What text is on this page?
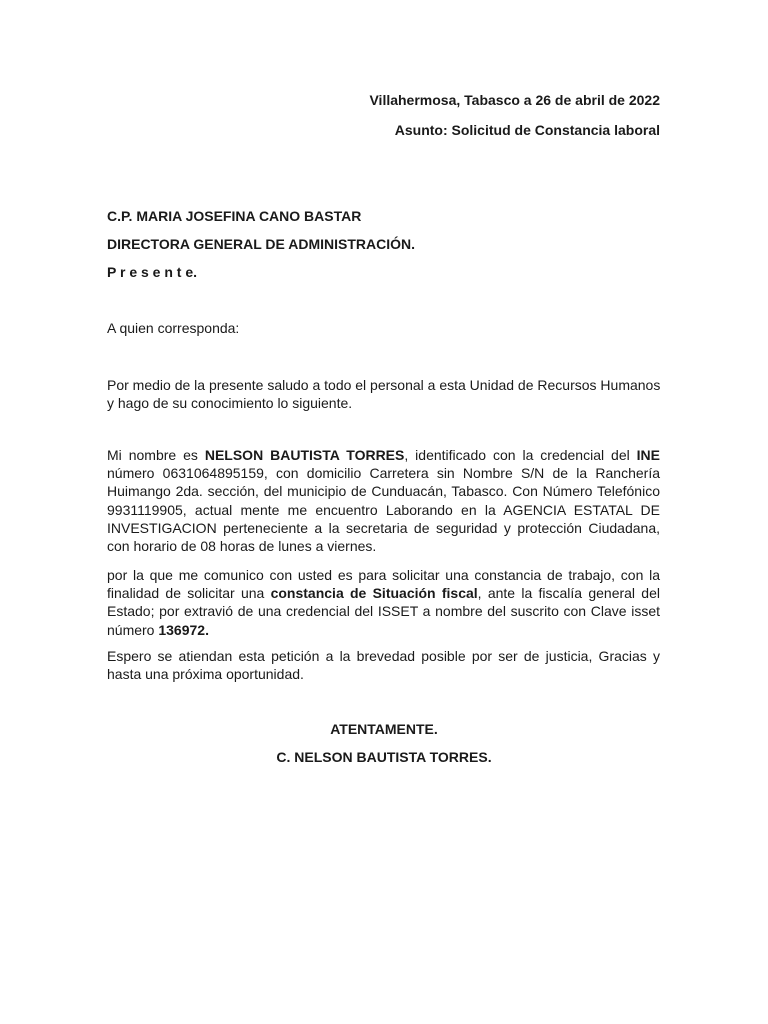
Villahermosa, Tabasco a 26 de abril de 2022
Asunto: Solicitud de Constancia laboral
C.P. MARIA JOSEFINA CANO BASTAR
DIRECTORA GENERAL DE ADMINISTRACIÓN.
P r e s e n t e.
A quien corresponda:
Por medio de la presente saludo a todo el personal a esta Unidad de Recursos Humanos
y hago de su conocimiento lo siguiente.
Mi nombre es NELSON BAUTISTA TORRES, identificado con la credencial del INE número 0631064895159, con domicilio Carretera sin Nombre S/N de la Ranchería Huimango 2da. sección, del municipio de Cunduacán, Tabasco. Con Número Telefónico 9931119905, actual mente me encuentro Laborando en la AGENCIA ESTATAL DE INVESTIGACION perteneciente a la secretaria de seguridad y protección Ciudadana, con horario de 08 horas de lunes a viernes.
por la que me comunico con usted es para solicitar una constancia de trabajo, con la finalidad de solicitar una constancia de Situación fiscal, ante la fiscalía general del Estado; por extravió de una credencial del ISSET a nombre del suscrito con Clave isset número 136972.
Espero se atiendan esta petición a la brevedad posible por ser de justicia, Gracias y hasta una próxima oportunidad.
ATENTAMENTE.
C. NELSON BAUTISTA TORRES.
